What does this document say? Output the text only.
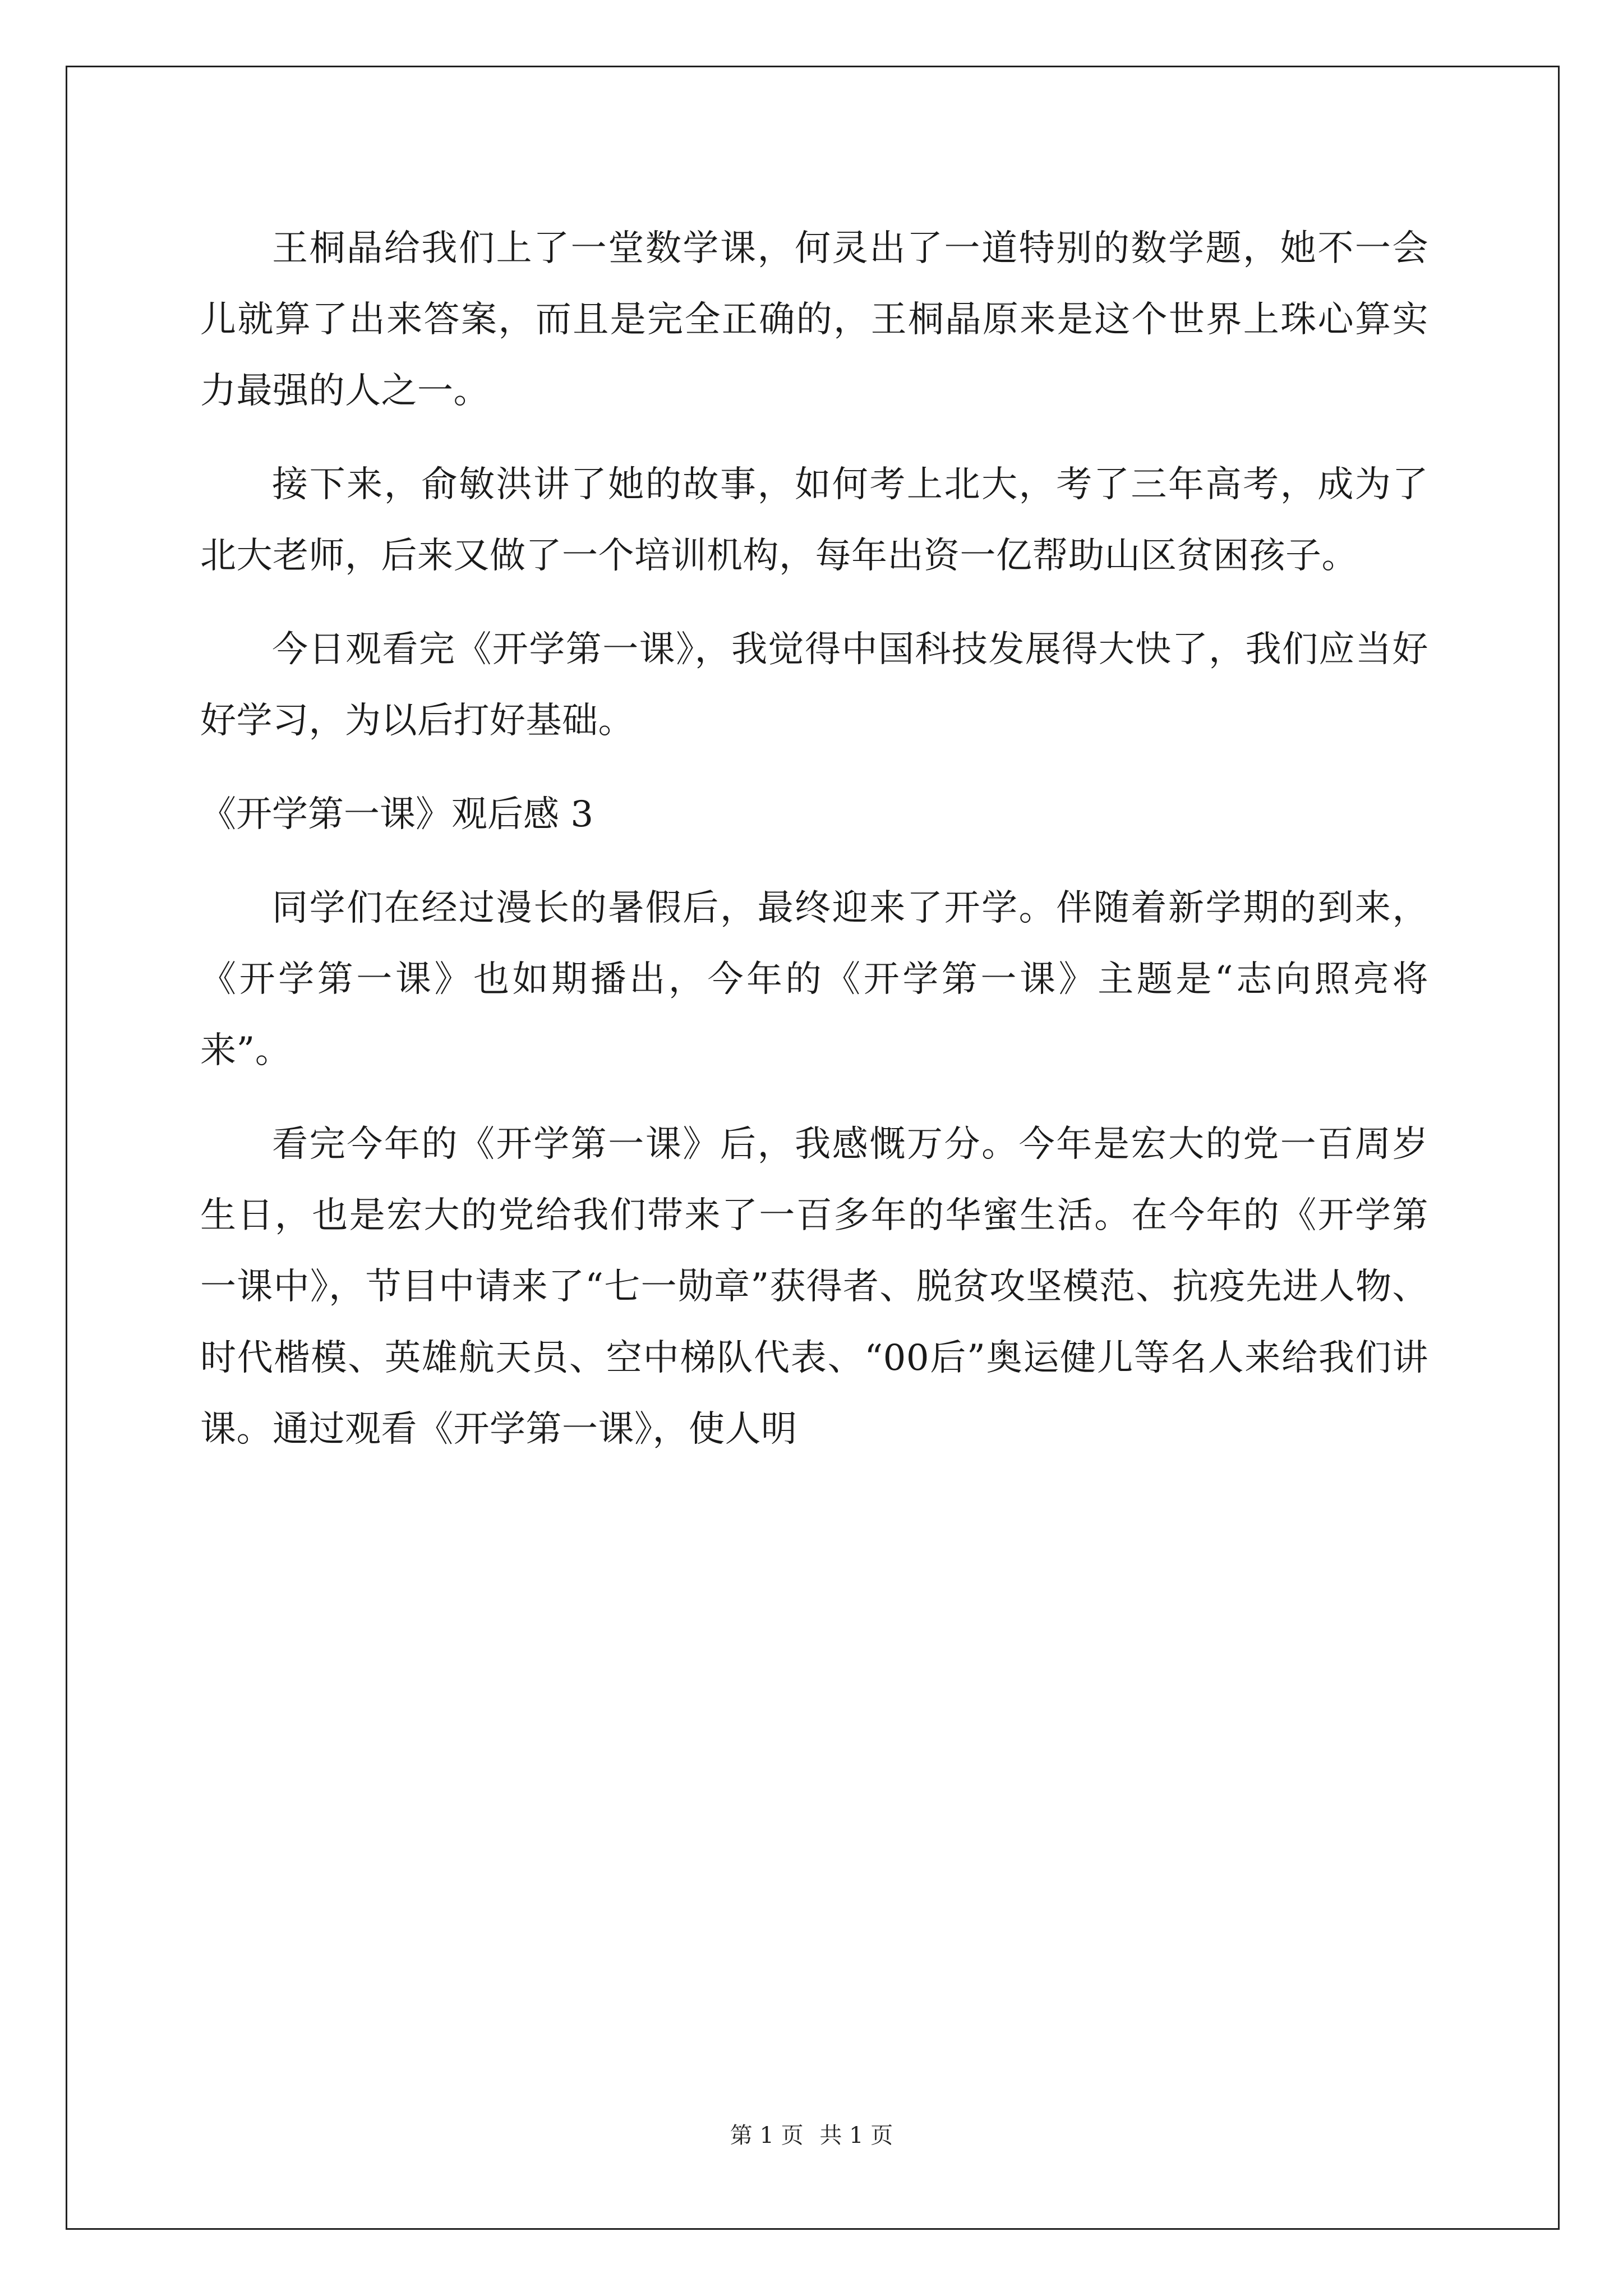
王桐晶给我们上了一堂数学课，何灵出了一道特别的数学题，她不一会儿就算了出来答案，而且是完全正确的，王桐晶原来是这个世界上珠心算实力最强的人之一。

接下来，俞敏洪讲了她的故事，如何考上北大，考了三年高考，成为了北大老师，后来又做了一个培训机构，每年出资一亿帮助山区贫困孩子。

今日观看完《开学第一课》，我觉得中国科技发展得大快了，我们应当好好学习，为以后打好基础。

《开学第一课》观后感 3

同学们在经过漫长的暑假后，最终迎来了开学。伴随着新学期的到来，《开学第一课》也如期播出，今年的《开学第一课》主题是“志向照亮将来”。

看完今年的《开学第一课》后，我感慨万分。今年是宏大的党一百周岁生日，也是宏大的党给我们带来了一百多年的华蜜生活。在今年的《开学第一课中》，节目中请来了“七一勋章”获得者、脱贫攻坚模范、抗疫先进人物、时代楷模、英雄航天员、空中梯队代表、“00后”奥运健儿等名人来给我们讲课。通过观看《开学第一课》，使人明

第 1 页 共 1 页
